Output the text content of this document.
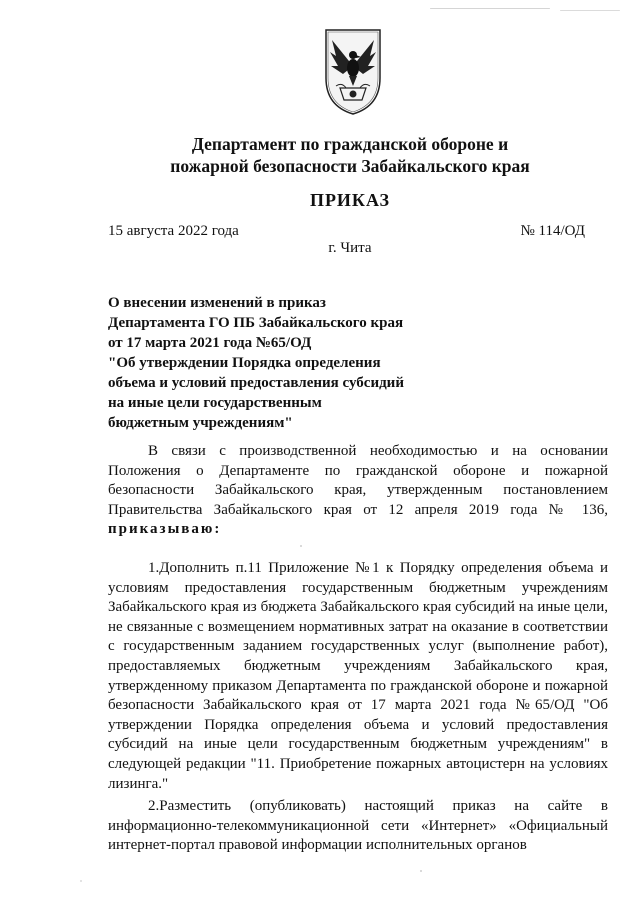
Департамент по гражданской обороне и
пожарной безопасности Забайкальского края
ПРИКАЗ
15 августа 2022 года	№ 114/ОД
г. Чита
О внесении изменений в приказ
Департамента ГО ПБ Забайкальского края
от 17 марта 2021 года №65/ОД
"Об утверждении Порядка определения
объема и условий предоставления субсидий
на иные цели государственным
бюджетным учреждениям"

В связи с производственной необходимостью и на основании Положения о Департаменте по гражданской обороне и пожарной безопасности Забайкальского края, утвержденным постановлением Правительства Забайкальского края от 12 апреля 2019 года № 136, приказываю:

1.Дополнить п.11 Приложение №1 к Порядку определения объема и условиям предоставления государственным бюджетным учреждениям Забайкальского края из бюджета Забайкальского края субсидий на иные цели, не связанные с возмещением нормативных затрат на оказание в соответствии с государственным заданием государственных услуг (выполнение работ), предоставляемых бюджетным учреждениям Забайкальского края, утвержденному приказом Департамента по гражданской обороне и пожарной безопасности Забайкальского края от 17 марта 2021 года №65/ОД "Об утверждении Порядка определения объема и условий предоставления субсидий на иные цели государственным бюджетным учреждениям" в следующей редакции "11. Приобретение пожарных автоцистерн на условиях лизинга."

2.Разместить (опубликовать) настоящий приказ на сайте в информационно-телекоммуникационной сети «Интернет» «Официальный интернет-портал правовой информации исполнительных органов
